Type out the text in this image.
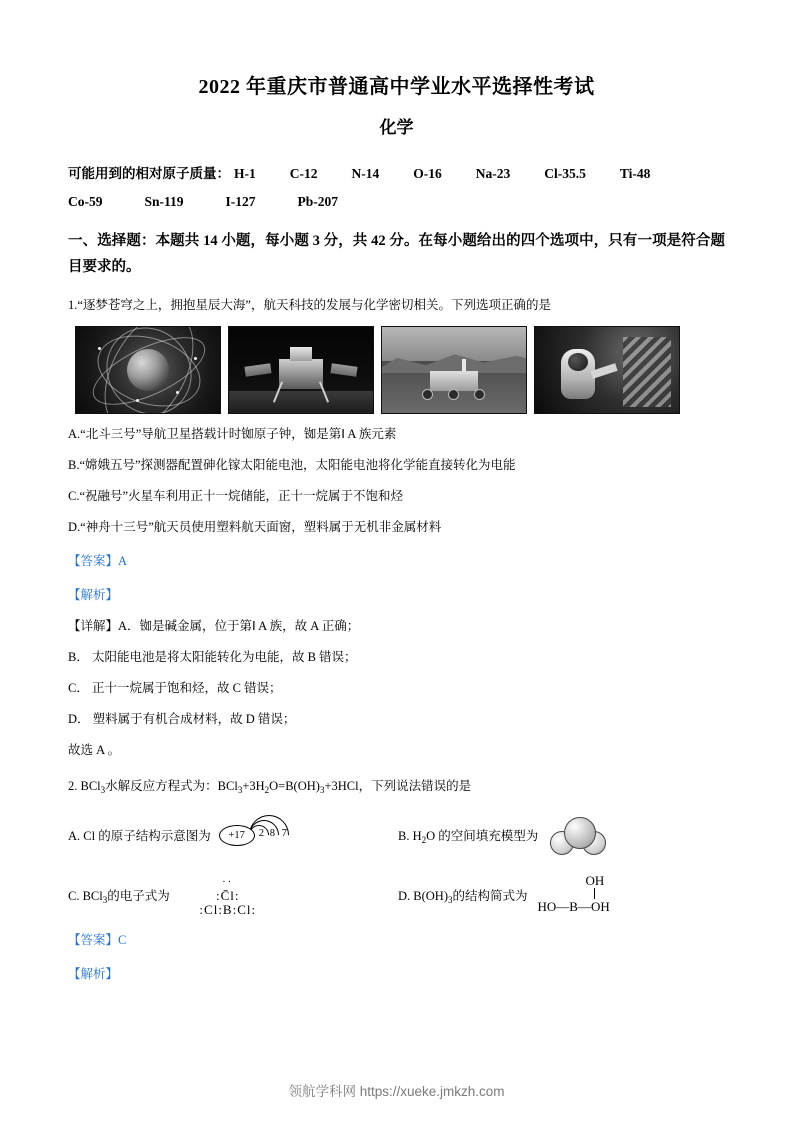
2022 年重庆市普通高中学业水平选择性考试
化学
可能用到的相对原子质量： H-1	C-12	N-14	O-16	Na-23	Cl-35.5	Ti-48
Co-59	Sn-119	I-127	Pb-207
一、选择题：本题共 14 小题，每小题 3 分，共 42 分。在每小题给出的四个选项中，只有一项是符合题目要求的。
1.“逐梦苍穹之上，拥抱星辰大海”，航天科技的发展与化学密切相关。下列选项正确的是
A.“北斗三号”导航卫星搭载计时铷原子钟，铷是第Ⅰ A 族元素
B.“嫦娥五号”探测器配置砷化镓太阳能电池，太阳能电池将化学能直接转化为电能
C.“祝融号”火星车利用正十一烷储能，正十一烷属于不饱和烃
D.“神舟十三号”航天员使用塑料航天面窗，塑料属于无机非金属材料
【答案】A
【解析】
【详解】A．铷是碱金属，位于第Ⅰ A 族，故 A 正确；
B． 太阳能电池是将太阳能转化为电能，故 B 错误；
C． 正十一烷属于饱和烃，故 C 错误；
D． 塑料属于有机合成材料，故 D 错误；
故选 A 。
2. BCl$_3$水解反应方程式为：$BCl_3+3H_2O=B(OH)_3+3HCl$，下列说法错误的是
A. Cl 的原子结构示意图为	+17	2 8 7	B. $H_2O$ 的空间填充模型为
C. BCl$_3$的电子式为
··
:C̄l:
:Cl:B:Cl:
D. $B(OH)_3$的结构简式为
OH
HO—B—OH
【答案】C
【解析】
领航学科网 https://xueke.jmkzh.com
